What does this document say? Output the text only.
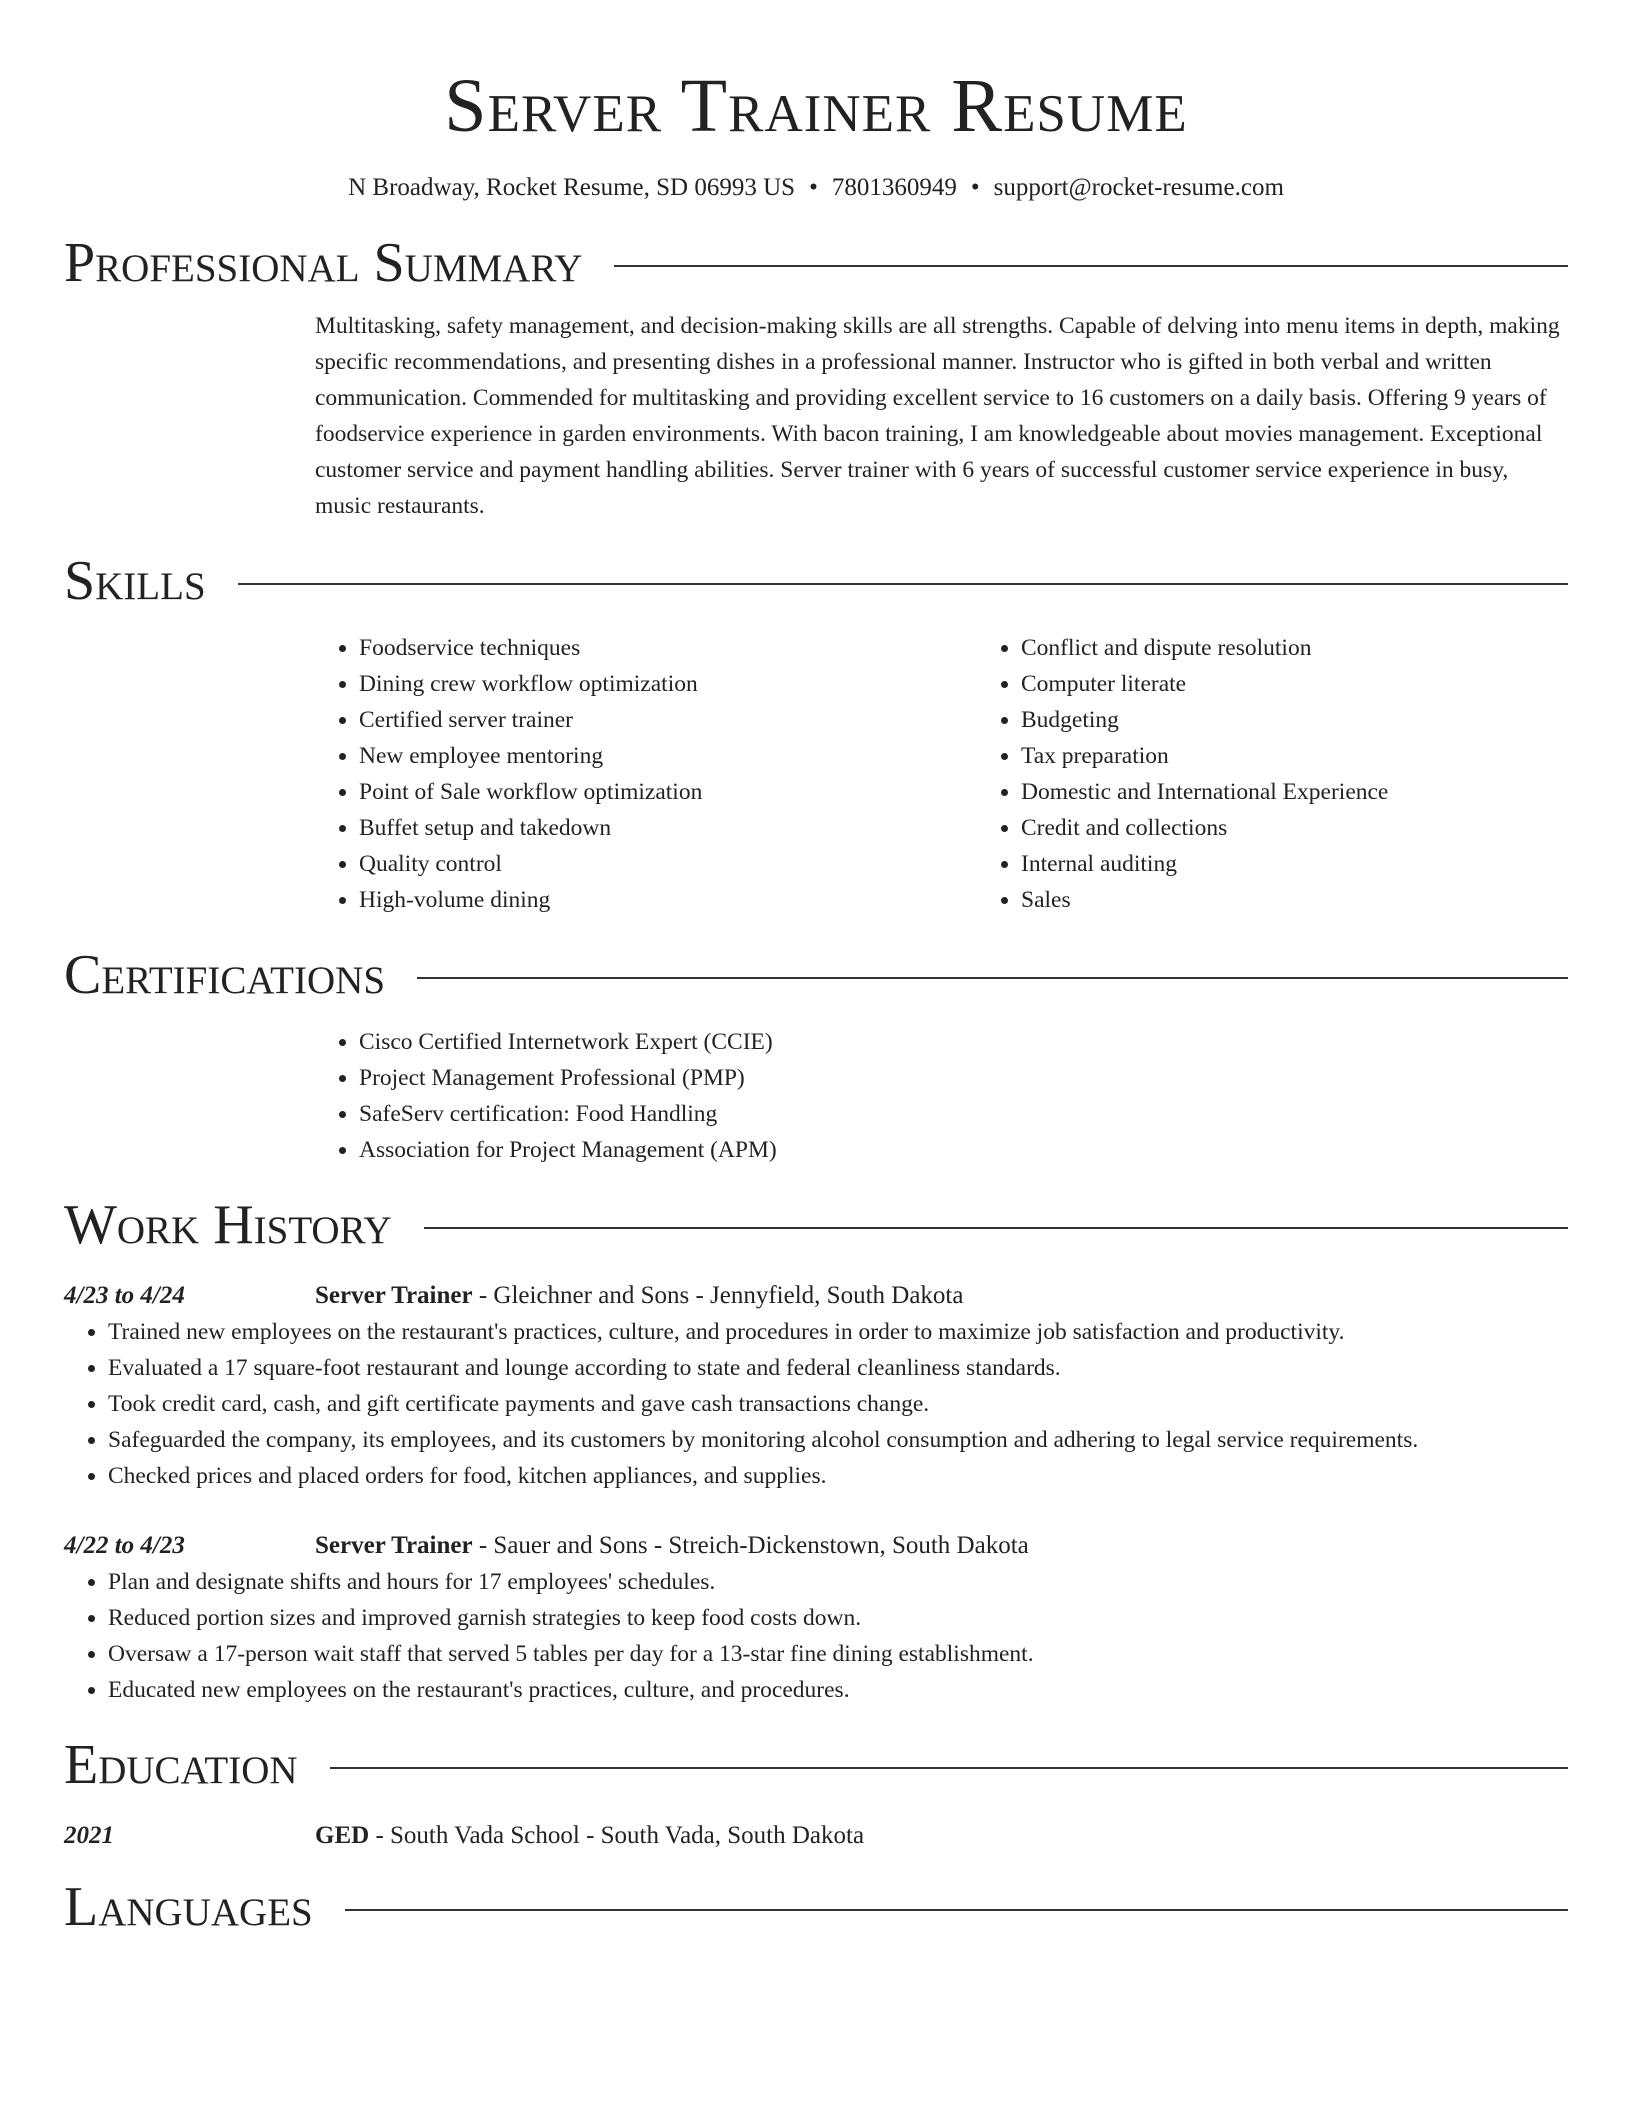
Server Trainer Resume
N Broadway, Rocket Resume, SD 06993 US • 7801360949 • support@rocket-resume.com
Professional Summary
Multitasking, safety management, and decision-making skills are all strengths. Capable of delving into menu items in depth, making specific recommendations, and presenting dishes in a professional manner. Instructor who is gifted in both verbal and written communication. Commended for multitasking and providing excellent service to 16 customers on a daily basis. Offering 9 years of foodservice experience in garden environments. With bacon training, I am knowledgeable about movies management. Exceptional customer service and payment handling abilities. Server trainer with 6 years of successful customer service experience in busy, music restaurants.
Skills
• Foodservice techniques
• Dining crew workflow optimization
• Certified server trainer
• New employee mentoring
• Point of Sale workflow optimization
• Buffet setup and takedown
• Quality control
• High-volume dining
• Conflict and dispute resolution
• Computer literate
• Budgeting
• Tax preparation
• Domestic and International Experience
• Credit and collections
• Internal auditing
• Sales
Certifications
• Cisco Certified Internetwork Expert (CCIE)
• Project Management Professional (PMP)
• SafeServ certification: Food Handling
• Association for Project Management (APM)
Work History
4/23 to 4/24	Server Trainer - Gleichner and Sons - Jennyfield, South Dakota
• Trained new employees on the restaurant's practices, culture, and procedures in order to maximize job satisfaction and productivity.
• Evaluated a 17 square-foot restaurant and lounge according to state and federal cleanliness standards.
• Took credit card, cash, and gift certificate payments and gave cash transactions change.
• Safeguarded the company, its employees, and its customers by monitoring alcohol consumption and adhering to legal service requirements.
• Checked prices and placed orders for food, kitchen appliances, and supplies.
4/22 to 4/23	Server Trainer - Sauer and Sons - Streich-Dickenstown, South Dakota
• Plan and designate shifts and hours for 17 employees' schedules.
• Reduced portion sizes and improved garnish strategies to keep food costs down.
• Oversaw a 17-person wait staff that served 5 tables per day for a 13-star fine dining establishment.
• Educated new employees on the restaurant's practices, culture, and procedures.
Education
2021	GED - South Vada School - South Vada, South Dakota
Languages
